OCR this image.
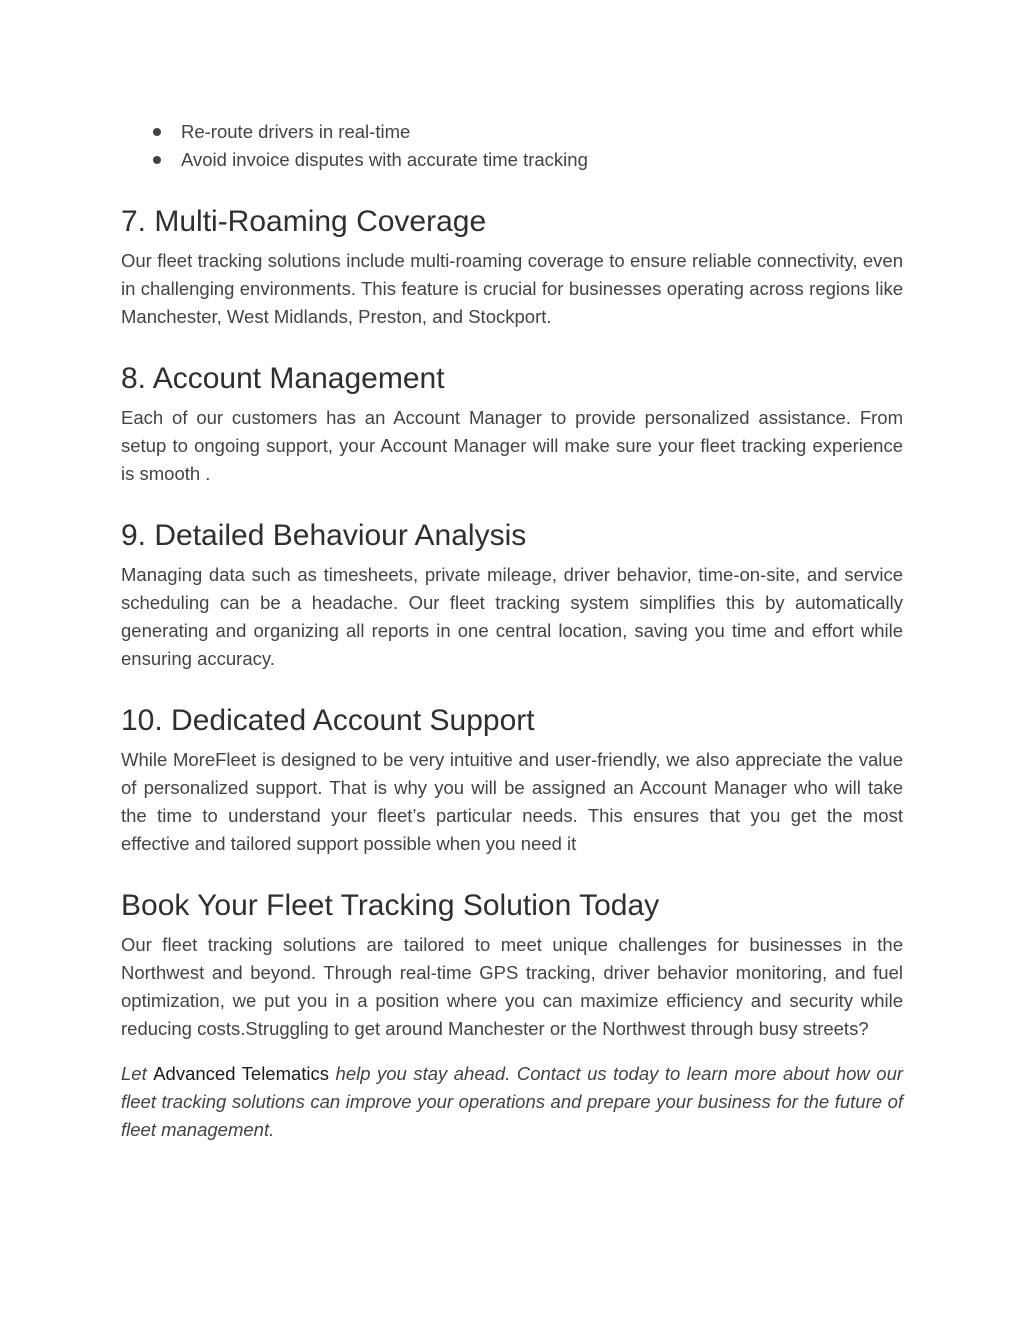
Re-route drivers in real-time
Avoid invoice disputes with accurate time tracking
7. Multi-Roaming Coverage

Our fleet tracking solutions include multi-roaming coverage to ensure reliable connectivity, even in challenging environments. This feature is crucial for businesses operating across regions like Manchester, West Midlands, Preston, and Stockport.

8. Account Management

Each of our customers has an Account Manager to provide personalized assistance. From setup to ongoing support, your Account Manager will make sure your fleet tracking experience is smooth .

9. Detailed Behaviour Analysis

Managing data such as timesheets, private mileage, driver behavior, time-on-site, and service scheduling can be a headache. Our fleet tracking system simplifies this by automatically generating and organizing all reports in one central location, saving you time and effort while ensuring accuracy.

10. Dedicated Account Support

While MoreFleet is designed to be very intuitive and user-friendly, we also appreciate the value of personalized support. That is why you will be assigned an Account Manager who will take the time to understand your fleet’s particular needs. This ensures that you get the most effective and tailored support possible when you need it

Book Your Fleet Tracking Solution Today

Our fleet tracking solutions are tailored to meet unique challenges for businesses in the Northwest and beyond. Through real-time GPS tracking, driver behavior monitoring, and fuel optimization, we put you in a position where you can maximize efficiency and security while reducing costs.Struggling to get around Manchester or the Northwest through busy streets?

Let Advanced Telematics help you stay ahead. Contact us today to learn more about how our fleet tracking solutions can improve your operations and prepare your business for the future of fleet management.
